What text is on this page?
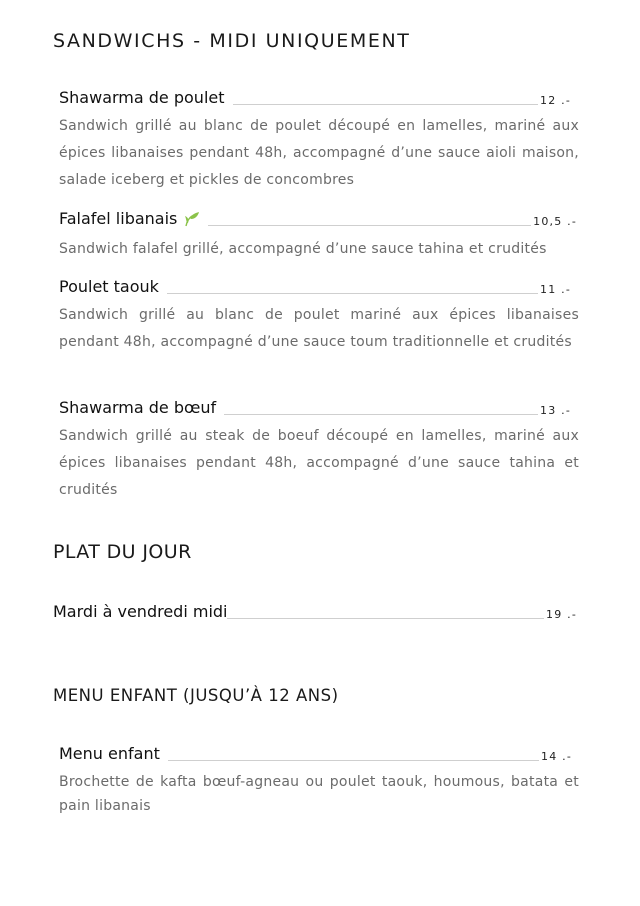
SANDWICHS - MIDI UNIQUEMENT
Shawarma de poulet	12 .-

Sandwich grillé au blanc de poulet découpé en lamelles, mariné aux épices libanaises pendant 48h, accompagné d’une sauce aioli maison, salade iceberg et pickles de concombres

Falafel libanais	10,5 .-

Sandwich falafel grillé, accompagné d’une sauce tahina et crudités

Poulet taouk	11 .-

Sandwich grillé au blanc de poulet mariné aux épices libanaises pendant 48h, accompagné d’une sauce toum traditionnelle et crudités

Shawarma de bœuf	13 .-

Sandwich grillé au steak de boeuf découpé en lamelles, mariné aux épices libanaises pendant 48h, accompagné d’une sauce tahina et crudités

PLAT DU JOUR
Mardi à vendredi midi	19 .-
MENU ENFANT (JUSQU’À 12 ANS)
Menu enfant	14 .-

Brochette de kafta bœuf-agneau ou poulet taouk, houmous, batata et pain libanais
